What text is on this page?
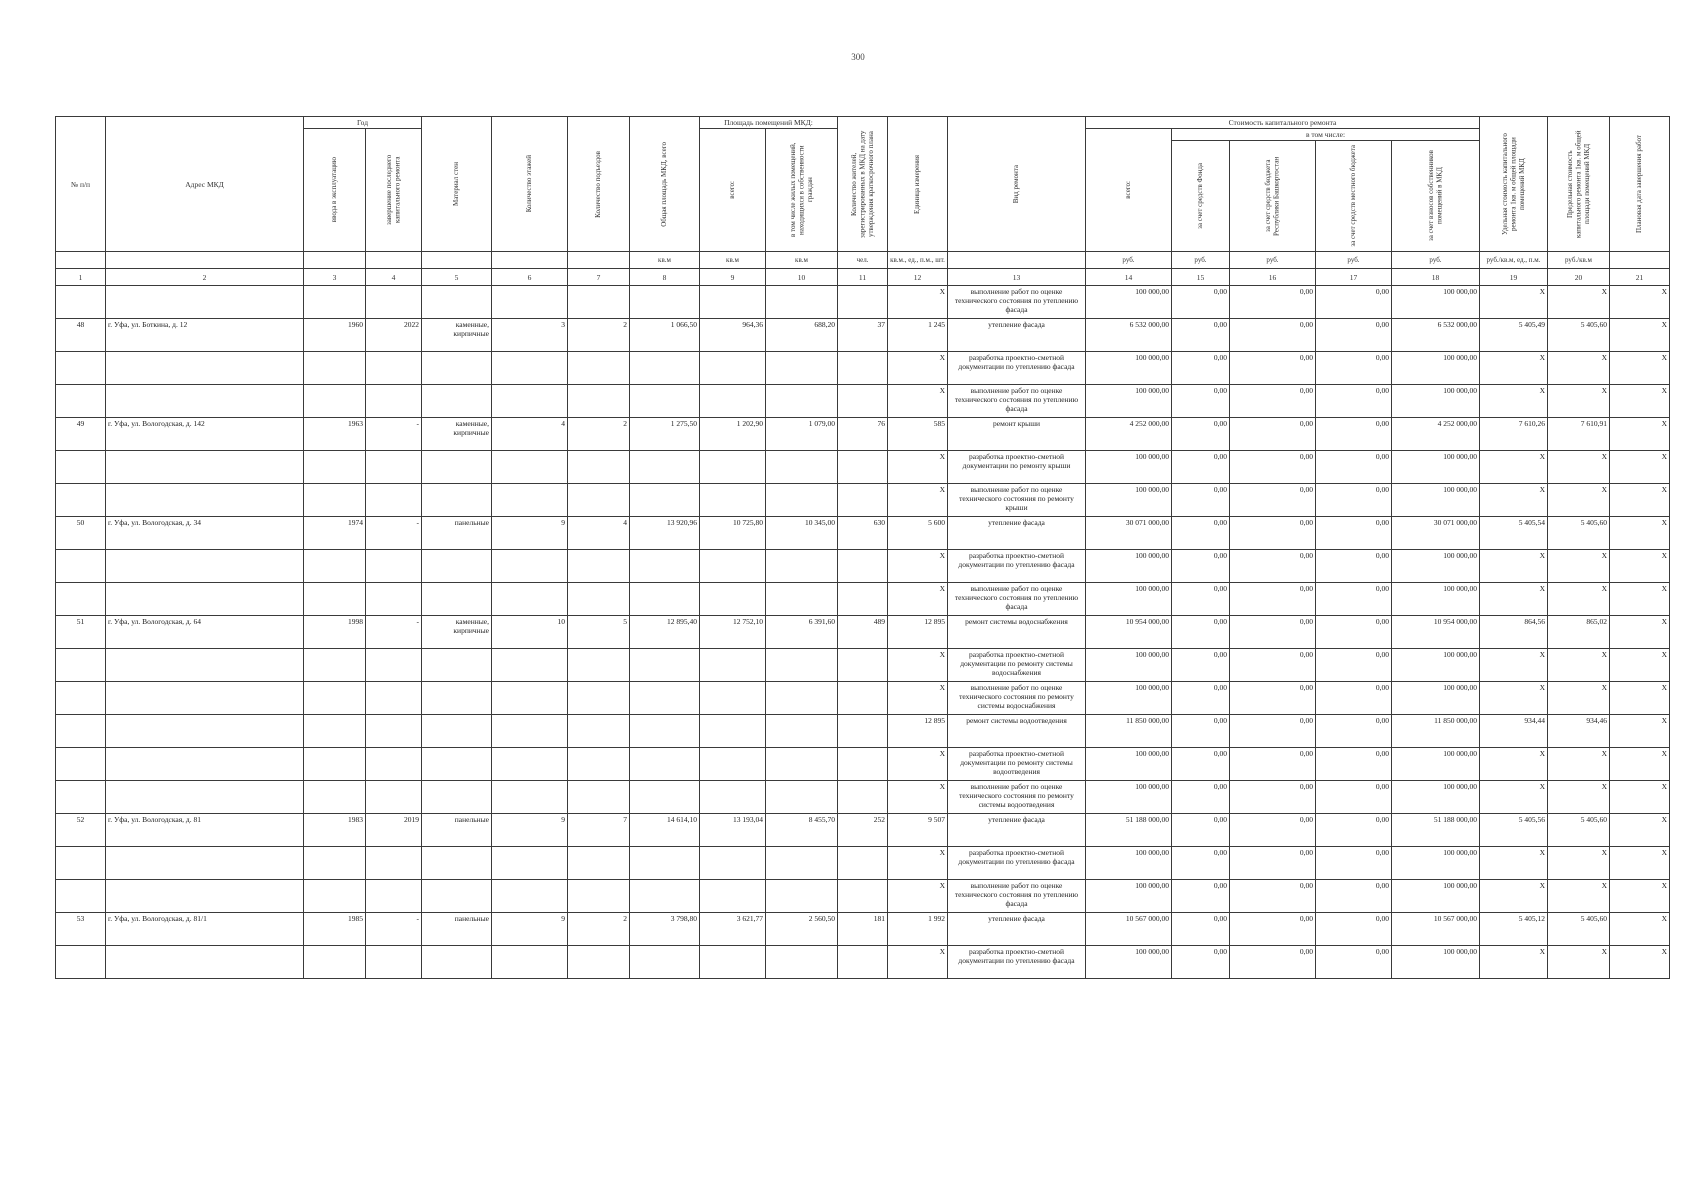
300
№ п/п	Адрес МКД	Год		Материал стен	Количество этажей	Количество подъездов	Общая площадь МКД, всего	Площадь помещений МКД:		Количество жителей, зарегистрированных в МКД на дату утверждения краткосрочного плана	Единица измерения	Вид ремонта	Стоимость капитального ремонта					Удельная стоимость капитального ремонта 1кв. м общей площади помещений МКД	Предельная стоимость капитального ремонта 1кв. м общей площади помещений МКД	Плановая дата завершения работ

		ввода в эксплуатацию	завершение последнего капитального ремонта					всего:	в том числе жилых помещений, находящихся в собственности граждан				всего:	в том числе:						

														за счет средств Фонда	за счет средств бюджета Республики Башкортостан	за счет средств местного бюджета	за счет взносов собственников помещений в МКД			

							кв.м	кв.м	кв.м	чел.	кв.м., ед., п.м., шт.		руб.	руб.	руб.	руб.	руб.	руб./кв.м, ед., п.м.	руб./кв.м	
1	2	3	4	5	6	7	8	9	10	11	12	13	14	15	16	17	18	19	20	21
											X	выполнение работ по оценке технического состояния по утеплению фасада	100 000,00	0,00	0,00	0,00	100 000,00	X	X	X
48	г. Уфа, ул. Боткина, д. 12	1960	2022	каменные, кирпичные	3	2	1 066,50	964,36	688,20	37	1 245	утепление фасада	6 532 000,00	0,00	0,00	0,00	6 532 000,00	5 405,49	5 405,60	X
											X	разработка проектно-сметной документации по утеплению фасада	100 000,00	0,00	0,00	0,00	100 000,00	X	X	X
											X	выполнение работ по оценке технического состояния по утеплению фасада	100 000,00	0,00	0,00	0,00	100 000,00	X	X	X
49	г. Уфа, ул. Вологодская, д. 142	1963	-	каменные, кирпичные	4	2	1 275,50	1 202,90	1 079,00	76	585	ремонт крыши	4 252 000,00	0,00	0,00	0,00	4 252 000,00	7 610,26	7 610,91	X
											X	разработка проектно-сметной документации по ремонту крыши	100 000,00	0,00	0,00	0,00	100 000,00	X	X	X
											X	выполнение работ по оценке технического состояния по ремонту крыши	100 000,00	0,00	0,00	0,00	100 000,00	X	X	X
50	г. Уфа, ул. Вологодская, д. 34	1974	-	панельные	9	4	13 920,96	10 725,80	10 345,00	630	5 600	утепление фасада	30 071 000,00	0,00	0,00	0,00	30 071 000,00	5 405,54	5 405,60	X
											X	разработка проектно-сметной документации по утеплению фасада	100 000,00	0,00	0,00	0,00	100 000,00	X	X	X
											X	выполнение работ по оценке технического состояния по утеплению фасада	100 000,00	0,00	0,00	0,00	100 000,00	X	X	X
51	г. Уфа, ул. Вологодская, д. 64	1998	-	каменные, кирпичные	10	5	12 895,40	12 752,10	6 391,60	489	12 895	ремонт системы водоснабжения	10 954 000,00	0,00	0,00	0,00	10 954 000,00	864,56	865,02	X
											X	разработка проектно-сметной документации по ремонту системы водоснабжения	100 000,00	0,00	0,00	0,00	100 000,00	X	X	X
											X	выполнение работ по оценке технического состояния по ремонту системы водоснабжения	100 000,00	0,00	0,00	0,00	100 000,00	X	X	X
											12 895	ремонт системы водоотведения	11 850 000,00	0,00	0,00	0,00	11 850 000,00	934,44	934,46	X
											X	разработка проектно-сметной документации по ремонту системы водоотведения	100 000,00	0,00	0,00	0,00	100 000,00	X	X	X
											X	выполнение работ по оценке технического состояния по ремонту системы водоотведения	100 000,00	0,00	0,00	0,00	100 000,00	X	X	X
52	г. Уфа, ул. Вологодская, д. 81	1983	2019	панельные	9	7	14 614,10	13 193,04	8 455,70	252	9 507	утепление фасада	51 188 000,00	0,00	0,00	0,00	51 188 000,00	5 405,56	5 405,60	X
											X	разработка проектно-сметной документации по утеплению фасада	100 000,00	0,00	0,00	0,00	100 000,00	X	X	X
											X	выполнение работ по оценке технического состояния по утеплению фасада	100 000,00	0,00	0,00	0,00	100 000,00	X	X	X
53	г. Уфа, ул. Вологодская, д. 81/1	1985	-	панельные	9	2	3 798,80	3 621,77	2 560,50	181	1 992	утепление фасада	10 567 000,00	0,00	0,00	0,00	10 567 000,00	5 405,12	5 405,60	X
											X	разработка проектно-сметной документации по утеплению фасада	100 000,00	0,00	0,00	0,00	100 000,00	X	X	X
